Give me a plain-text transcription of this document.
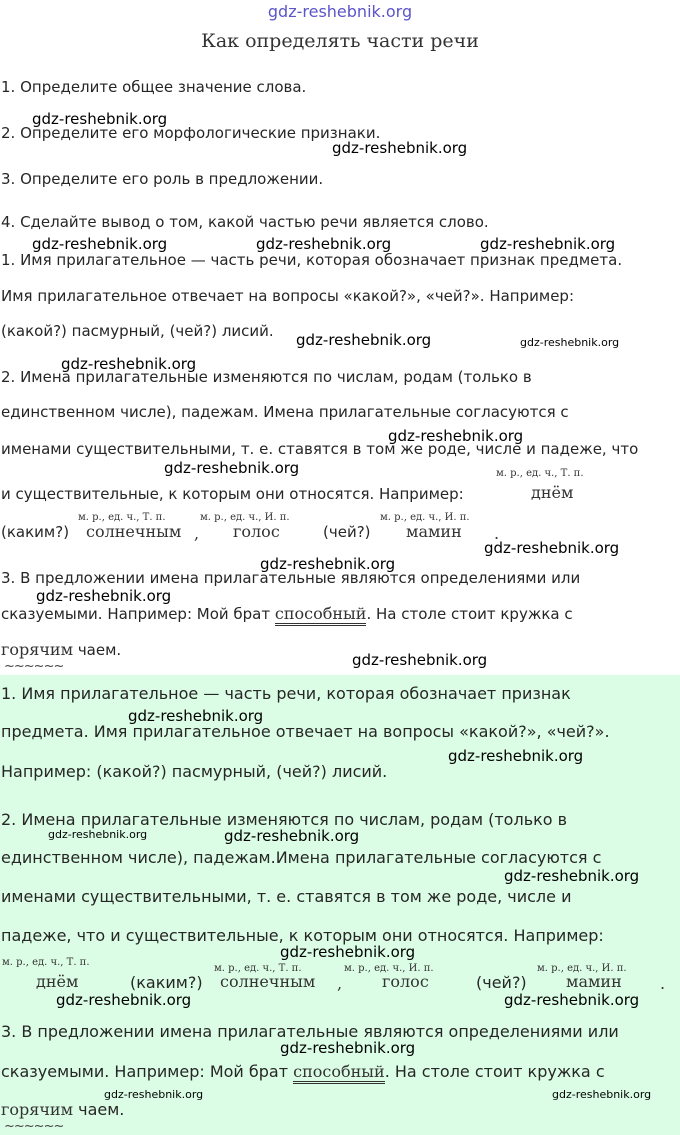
gdz-reshebnik.org
Как определять части речи
1. Определите общее значение слова.
2. Определите его морфологические признаки.
3. Определите его роль в предложении.
4. Сделайте вывод о том, какой частью речи является слово.
1. Имя прилагательное — часть речи, которая обозначает признак предмета.
Имя прилагательное отвечает на вопросы «какой?», «чей?». Например:
(какой?) пасмурный, (чей?) лисий.
2. Имена прилагательные изменяются по числам, родам (только в
единственном числе), падежам. Имена прилагательные согласуются с
именами существительными, т. е. ставятся в том же роде, числе и падеже, что
и существительные, к которым они относятся. Например:
м. р., ед. ч., Т. п.
днём
(каким?)
м. р., ед. ч., Т. п.
солнечным ,
м. р., ед. ч., И. п.
голос	(чей?)
м. р., ед. ч., И. п.
мамин .
3. В предложении имена прилагательные являются определениями или
сказуемыми. Например: Мой брат способный. На столе стоит кружка с
горячим чаем.
~~~~~~
1. Имя прилагательное — часть речи, которая обозначает признак
предмета. Имя прилагательное отвечает на вопросы «какой?», «чей?».
Например: (какой?) пасмурный, (чей?) лисий.
2. Имена прилагательные изменяются по числам, родам (только в
единственном числе), падежам.Имена прилагательные согласуются с
именами существительными, т. е. ставятся в том же роде, числе и
падеже, что и существительные, к которым они относятся. Например:
м. р., ед. ч., Т. п.
днём	(каким?)
м. р., ед. ч., Т. п.
солнечным ,
м. р., ед. ч., И. п.
голос	(чей?)
м. р., ед. ч., И. п.
мамин .
3. В предложении имена прилагательные являются определениями или
сказуемыми. Например: Мой брат способный. На столе стоит кружка с
горячим чаем.
~~~~~~
gdz-reshebnik.org
gdz-reshebnik.org
gdz-reshebnik.org	gdz-reshebnik.org	gdz-reshebnik.org
gdz-reshebnik.org	gdz-reshebnik.org
gdz-reshebnik.org
gdz-reshebnik.org
gdz-reshebnik.org
gdz-reshebnik.org
gdz-reshebnik.org
gdz-reshebnik.org
gdz-reshebnik.org
gdz-reshebnik.org
gdz-reshebnik.org
gdz-reshebnik.org	gdz-reshebnik.org
gdz-reshebnik.org
gdz-reshebnik.org
gdz-reshebnik.org	gdz-reshebnik.org
gdz-reshebnik.org
gdz-reshebnik.org	gdz-reshebnik.org
